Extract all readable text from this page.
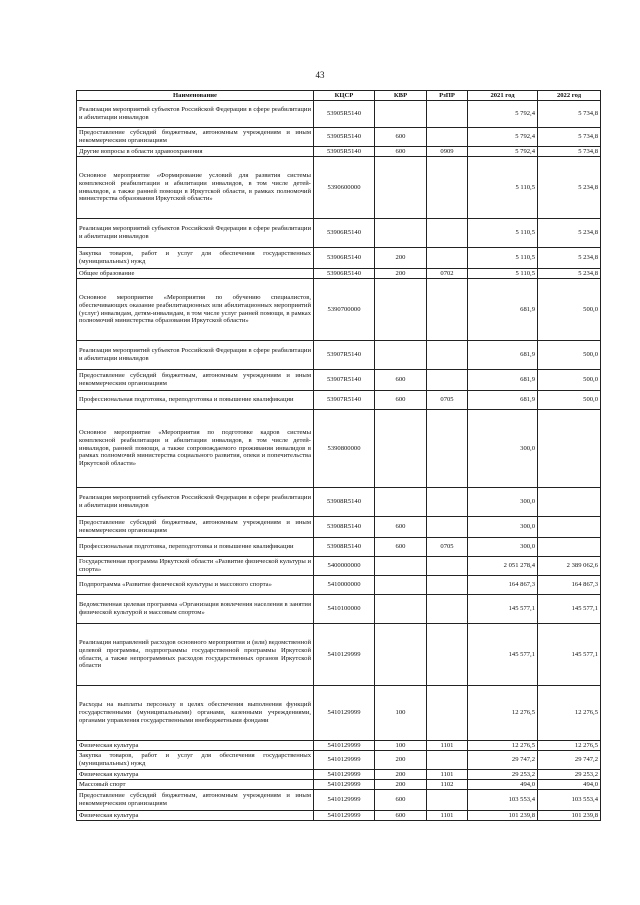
43
Наименование	КЦСР	КВР	РзПР	2021 год	2022 год
Реализация мероприятий субъектов Российской Федерации в сфере реабилитации и абилитации инвалидов	53905R5140			5 792,4	5 734,8
Предоставление субсидий бюджетным, автономным учреждениям и иным некоммерческим организациям	53905R5140	600		5 792,4	5 734,8
Другие вопросы в области здравоохранения	53905R5140	600	0909	5 792,4	5 734,8
Основное мероприятие «Формирование условий для развития системы комплексной реабилитации и абилитации инвалидов, в том числе детей-инвалидов, а также ранней помощи в Иркутской области, в рамках полномочий министерства образования Иркутской области»	5390600000			5 110,5	5 234,8
Реализация мероприятий субъектов Российской Федерации в сфере реабилитации и абилитации инвалидов	53906R5140			5 110,5	5 234,8
Закупка товаров, работ и услуг для обеспечения государственных (муниципальных) нужд	53906R5140	200		5 110,5	5 234,8
Общее образование	53906R5140	200	0702	5 110,5	5 234,8
Основное мероприятие «Мероприятия по обучению специалистов, обеспечивающих оказание реабилитационных или абилитационных мероприятий (услуг) инвалидам, детям-инвалидам, в том числе услуг ранней помощи, в рамках полномочий министерства образования Иркутской области»	5390700000			681,9	500,0
Реализация мероприятий субъектов Российской Федерации в сфере реабилитации и абилитации инвалидов	53907R5140			681,9	500,0
Предоставление субсидий бюджетным, автономным учреждениям и иным некоммерческим организациям	53907R5140	600		681,9	500,0
Профессиональная подготовка, переподготовка и повышение квалификации	53907R5140	600	0705	681,9	500,0
Основное мероприятие «Мероприятия по подготовке кадров системы комплексной реабилитации и абилитации инвалидов, в том числе детей-инвалидов, ранней помощи, а также сопровождаемого проживания инвалидов в рамках полномочий министерства социального развития, опеки и попечительства Иркутской области»	5390800000			300,0	
Реализация мероприятий субъектов Российской Федерации в сфере реабилитации и абилитации инвалидов	53908R5140			300,0	
Предоставление субсидий бюджетным, автономным учреждениям и иным некоммерческим организациям	53908R5140	600		300,0	
Профессиональная подготовка, переподготовка и повышение квалификации	53908R5140	600	0705	300,0	
Государственная программа Иркутской области «Развитие физической культуры и спорта»	5400000000			2 051 278,4	2 389 062,6
Подпрограмма «Развитие физической культуры и массового спорта»	5410000000			164 867,3	164 867,3
Ведомственная целевая программа «Организация вовлечения населения в занятия физической культурой и массовым спортом»	5410100000			145 577,1	145 577,1
Реализация направлений расходов основного мероприятия и (или) ведомственной целевой программы, подпрограммы государственной программы Иркутской области, а также непрограммных расходов государственных органов Иркутской области	5410129999			145 577,1	145 577,1
Расходы на выплаты персоналу в целях обеспечения выполнения функций государственными (муниципальными) органами, казенными учреждениями, органами управления государственными внебюджетными фондами	5410129999	100		12 276,5	12 276,5
Физическая культура	5410129999	100	1101	12 276,5	12 276,5
Закупка товаров, работ и услуг для обеспечения государственных (муниципальных) нужд	5410129999	200		29 747,2	29 747,2
Физическая культура	5410129999	200	1101	29 253,2	29 253,2
Массовый спорт	5410129999	200	1102	494,0	494,0
Предоставление субсидий бюджетным, автономным учреждениям и иным некоммерческим организациям	5410129999	600		103 553,4	103 553,4
Физическая культура	5410129999	600	1101	101 239,8	101 239,8
